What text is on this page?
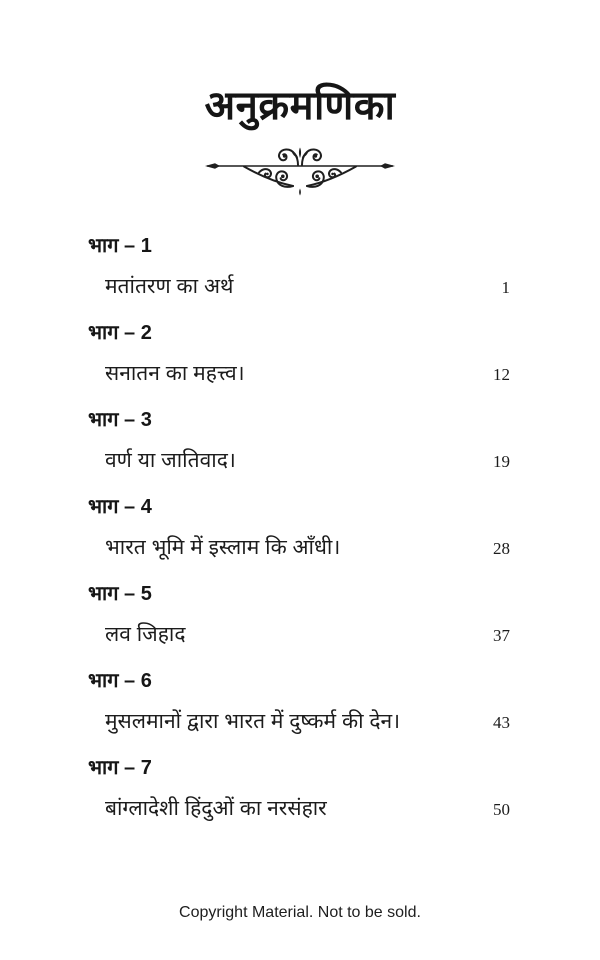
अनुक्रमणिका
भाग – 1
मतांतरण का अर्थ	1
भाग – 2
सनातन का महत्त्व।	12
भाग – 3
वर्ण या जातिवाद।	19
भाग – 4
भारत भूमि में इस्लाम कि आँधी।	28
भाग – 5
लव जिहाद	37
भाग – 6
मुसलमानों द्वारा भारत में दुष्कर्म की देन।	43
भाग – 7
बांग्लादेशी हिंदुओं का नरसंहार	50
Copyright Material. Not to be sold.
